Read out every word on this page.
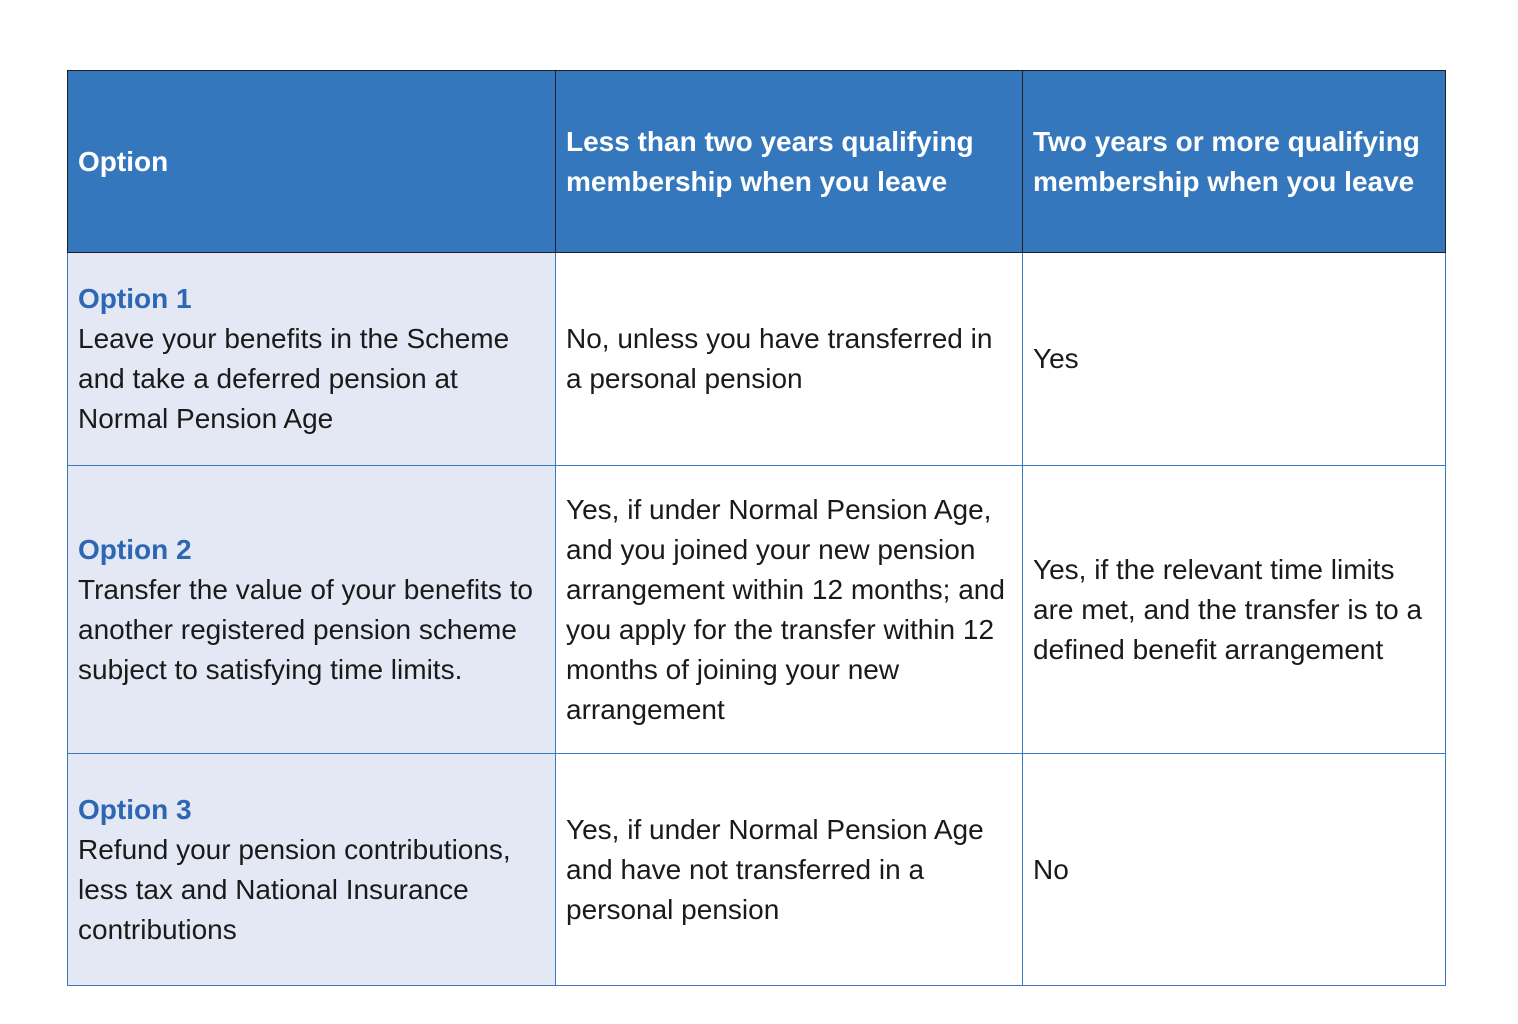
Option	Less than two years qualifying membership when you leave	Two years or more qualifying membership when you leave

Option 1
Leave your benefits in the Scheme and take a deferred pension at Normal Pension Age	No, unless you have transferred in a personal pension	Yes

Option 2
Transfer the value of your benefits to another registered pension scheme subject to satisfying time limits.	Yes, if under Normal Pension Age, and you joined your new pension arrangement within 12 months; and you apply for the transfer within 12 months of joining your new arrangement	Yes, if the relevant time limits are met, and the transfer is to a defined benefit arrangement

Option 3
Refund your pension contributions, less tax and National Insurance contributions	Yes, if under Normal Pension Age and have not transferred in a personal pension	No
